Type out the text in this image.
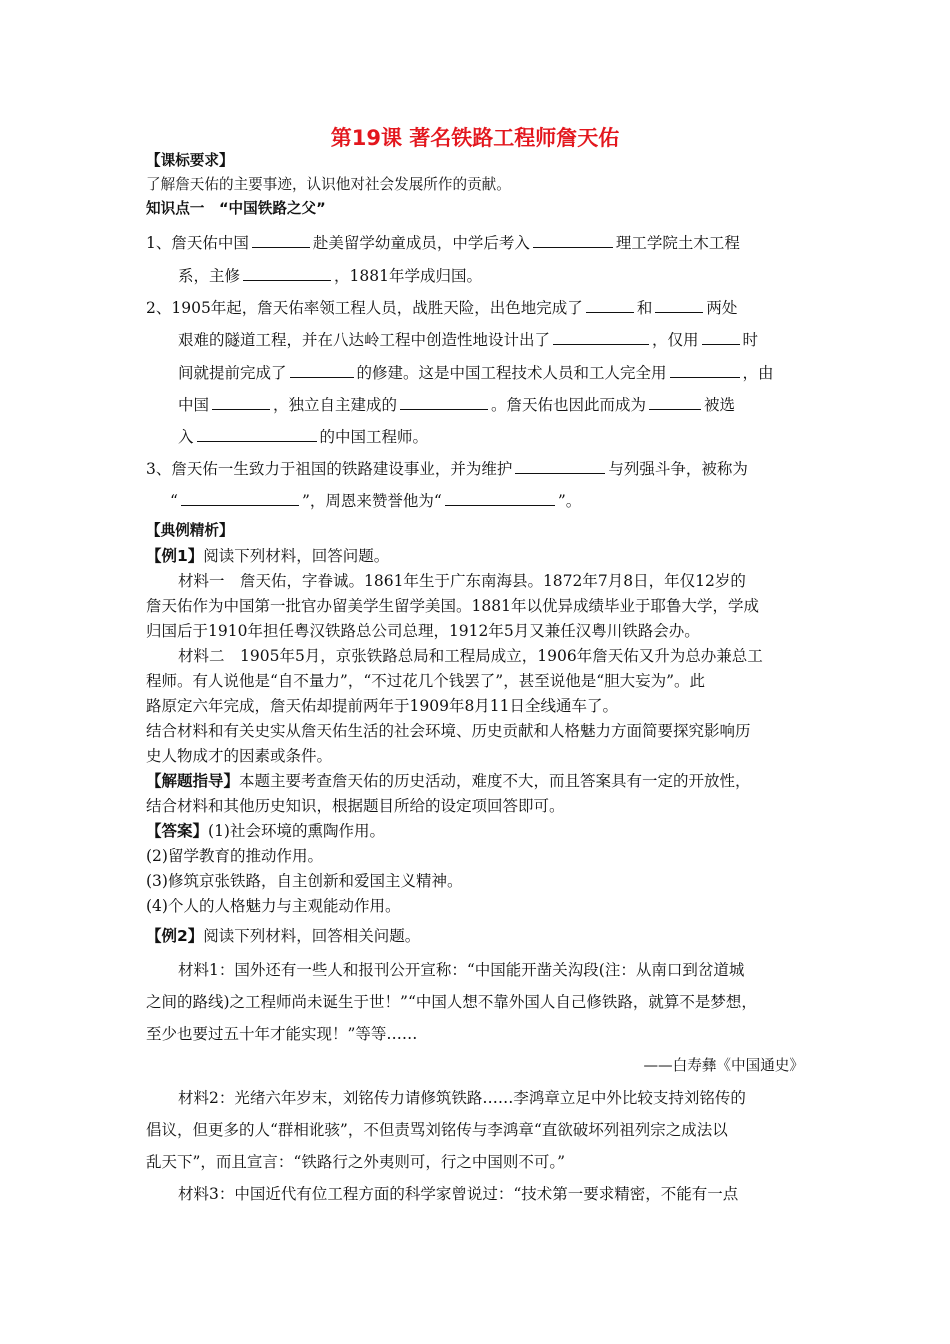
第19课 著名铁路工程师詹天佑
【课标要求】
了解詹天佑的主要事迹，认识他对社会发展所作的贡献。
知识点一　“中国铁路之父”
1、詹天佑中国	赴美留学幼童成员，中学后考入	理工学院土木工程
系，主修	，1881年学成归国。
2、1905年起，詹天佑率领工程人员，战胜天险，出色地完成了	和	两处
艰难的隧道工程，并在八达岭工程中创造性地设计出了	，仅用	时
间就提前完成了	的修建。这是中国工程技术人员和工人完全用	，由
中国	，独立自主建成的	。詹天佑也因此而成为	被选
入	的中国工程师。
3、詹天佑一生致力于祖国的铁路建设事业，并为维护	与列强斗争，被称为
“	”，周恩来赞誉他为“	”。
【典例精析】
【例1】阅读下列材料，回答问题。
材料一　詹天佑，字眷诚。1861年生于广东南海县。1872年7月8日，年仅12岁的
詹天佑作为中国第一批官办留美学生留学美国。1881年以优异成绩毕业于耶鲁大学，学成
归国后于1910年担任粤汉铁路总公司总理，1912年5月又兼任汉粤川铁路会办。
材料二　1905年5月，京张铁路总局和工程局成立，1906年詹天佑又升为总办兼总工
程师。有人说他是“自不量力”，“不过花几个钱罢了”，甚至说他是“胆大妄为”。此
路原定六年完成，詹天佑却提前两年于1909年8月11日全线通车了。
结合材料和有关史实从詹天佑生活的社会环境、历史贡献和人格魅力方面简要探究影响历
史人物成才的因素或条件。
【解题指导】本题主要考查詹天佑的历史活动，难度不大，而且答案具有一定的开放性，
结合材料和其他历史知识，根据题目所给的设定项回答即可。
【答案】(1)社会环境的熏陶作用。
(2)留学教育的推动作用。
(3)修筑京张铁路，自主创新和爱国主义精神。
(4)个人的人格魅力与主观能动作用。
【例2】阅读下列材料，回答相关问题。
材料1：国外还有一些人和报刊公开宣称：“中国能开凿关沟段(注：从南口到岔道城
之间的路线)之工程师尚未诞生于世！”“中国人想不靠外国人自己修铁路，就算不是梦想，
至少也要过五十年才能实现！”等等……
——白寿彝《中国通史》
材料2：光绪六年岁末，刘铭传力请修筑铁路……李鸿章立足中外比较支持刘铭传的
倡议，但更多的人“群相讹骇”，不但责骂刘铭传与李鸿章“直欲破坏列祖列宗之成法以
乱天下”，而且宣言：“铁路行之外夷则可，行之中国则不可。”
材料3：中国近代有位工程方面的科学家曾说过：“技术第一要求精密，不能有一点
